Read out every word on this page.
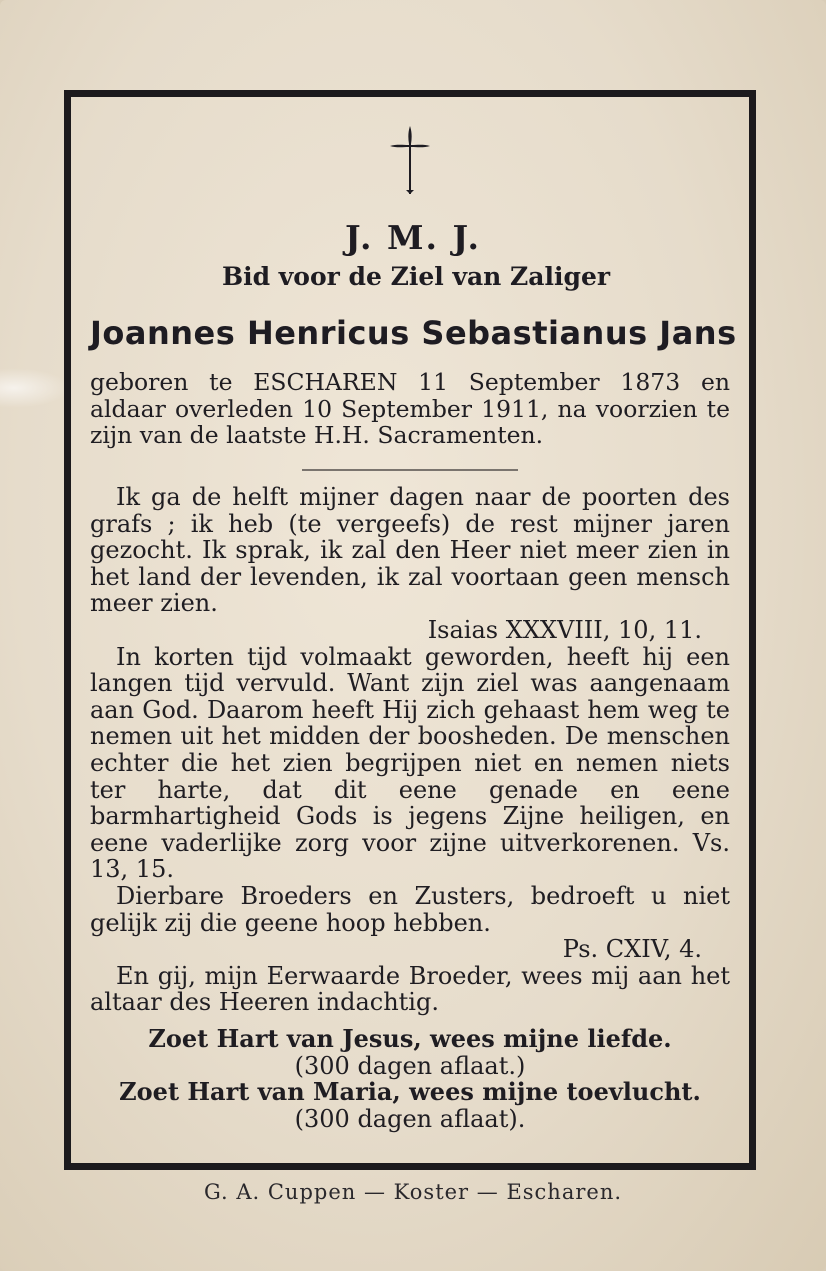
J. M. J.
Bid voor de Ziel van Zaliger
Joannes Henricus Sebastianus Jans

geboren te ESCHAREN 11 September 1873 en aldaar overleden 10 September 1911, na voorzien te zijn van de laatste H.H. Sacramenten.

Ik ga de helft mijner dagen naar de poorten des grafs ; ik heb (te vergeefs) de rest mijner jaren gezocht. Ik sprak, ik zal den Heer niet meer zien in het land der levenden, ik zal voortaan geen mensch meer zien.

Isaias XXXVIII, 10, 11.

In korten tijd volmaakt geworden, heeft hij een langen tijd vervuld. Want zijn ziel was aangenaam aan God. Daarom heeft Hij zich gehaast hem weg te nemen uit het midden der boosheden. De menschen echter die het zien begrijpen niet en nemen niets ter harte, dat dit eene genade en eene barmhartigheid Gods is jegens Zijne heiligen, en eene vaderlijke zorg voor zijne uitverkorenen. Vs. 13, 15.

Dierbare Broeders en Zusters, bedroeft u niet gelijk zij die geene hoop hebben.

Ps. CXIV, 4.

En gij, mijn Eerwaarde Broeder, wees mij aan het altaar des Heeren indachtig.

Zoet Hart van Jesus, wees mijne liefde.

(300 dagen aflaat.)

Zoet Hart van Maria, wees mijne toevlucht.

(300 dagen aflaat).

G. A. Cuppen — Koster — Escharen.
